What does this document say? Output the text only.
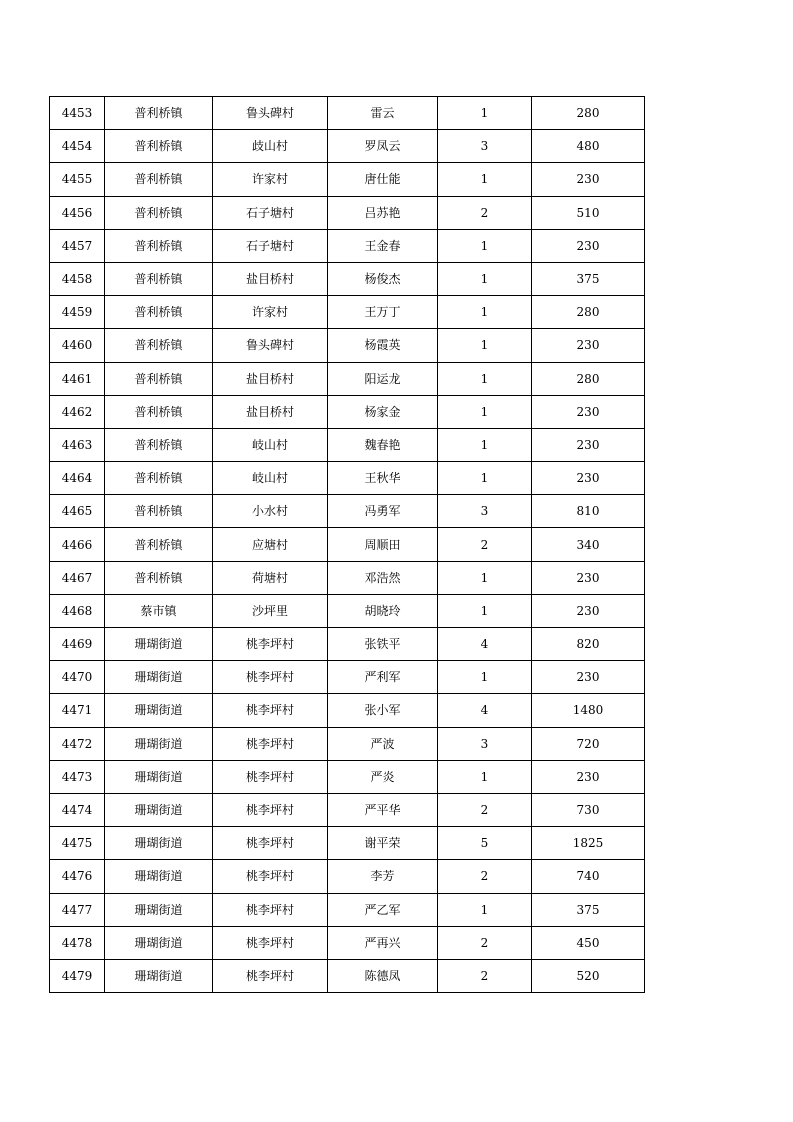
4453	普利桥镇	鲁头碑村	雷云	1	280
4454	普利桥镇	歧山村	罗凤云	3	480
4455	普利桥镇	许家村	唐仕能	1	230
4456	普利桥镇	石子塘村	吕苏艳	2	510
4457	普利桥镇	石子塘村	王金春	1	230
4458	普利桥镇	盐目桥村	杨俊杰	1	375
4459	普利桥镇	许家村	王万丁	1	280
4460	普利桥镇	鲁头碑村	杨霞英	1	230
4461	普利桥镇	盐目桥村	阳运龙	1	280
4462	普利桥镇	盐目桥村	杨家金	1	230
4463	普利桥镇	岐山村	魏春艳	1	230
4464	普利桥镇	岐山村	王秋华	1	230
4465	普利桥镇	小水村	冯勇军	3	810
4466	普利桥镇	应塘村	周顺田	2	340
4467	普利桥镇	荷塘村	邓浩然	1	230
4468	蔡市镇	沙坪里	胡晓玲	1	230
4469	珊瑚街道	桃李坪村	张铁平	4	820
4470	珊瑚街道	桃李坪村	严利军	1	230
4471	珊瑚街道	桃李坪村	张小军	4	1480
4472	珊瑚街道	桃李坪村	严波	3	720
4473	珊瑚街道	桃李坪村	严炎	1	230
4474	珊瑚街道	桃李坪村	严平华	2	730
4475	珊瑚街道	桃李坪村	谢平荣	5	1825
4476	珊瑚街道	桃李坪村	李芳	2	740
4477	珊瑚街道	桃李坪村	严乙军	1	375
4478	珊瑚街道	桃李坪村	严再兴	2	450
4479	珊瑚街道	桃李坪村	陈德凤	2	520
